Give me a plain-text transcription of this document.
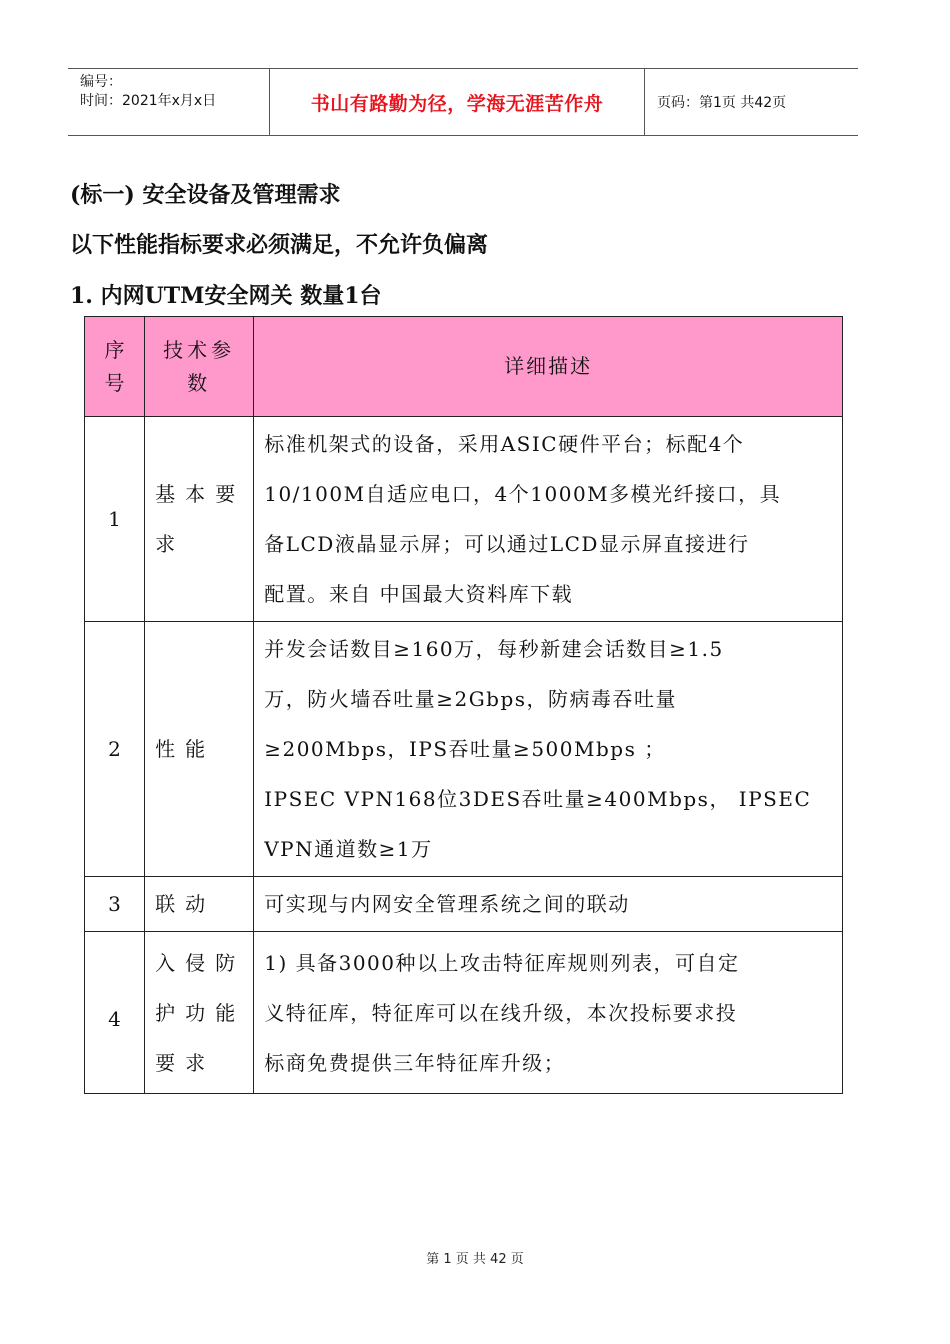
编号：
时间：2021年x月x日	书山有路勤为径，学海无涯苦作舟	页码：第1页 共42页
(标一) 安全设备及管理需求
以下性能指标要求必须满足，不允许负偏离
1. 内网UTM安全网关 数量1台
序号	技术参数	详细描述
1	基本要求	标准机架式的设备，采用ASIC硬件平台；标配4个
10/100M自适应电口，4个1000M多模光纤接口，具
备LCD液晶显示屏；可以通过LCD显示屏直接进行
配置。来自 中国最大资料库下载

2	性能	并发会话数目≥160万，每秒新建会话数目≥1.5
万，防火墙吞吐量≥2Gbps，防病毒吞吐量
≥200Mbps，IPS吞吐量≥500Mbps ；
IPSEC VPN168位3DES吞吐量≥400Mbps， IPSEC
VPN通道数≥1万

3	联动	可实现与内网安全管理系统之间的联动

4	入侵防护功能要求	1) 具备3000种以上攻击特征库规则列表，可自定
义特征库，特征库可以在线升级，本次投标要求投
标商免费提供三年特征库升级；
第 1 页 共 42 页
